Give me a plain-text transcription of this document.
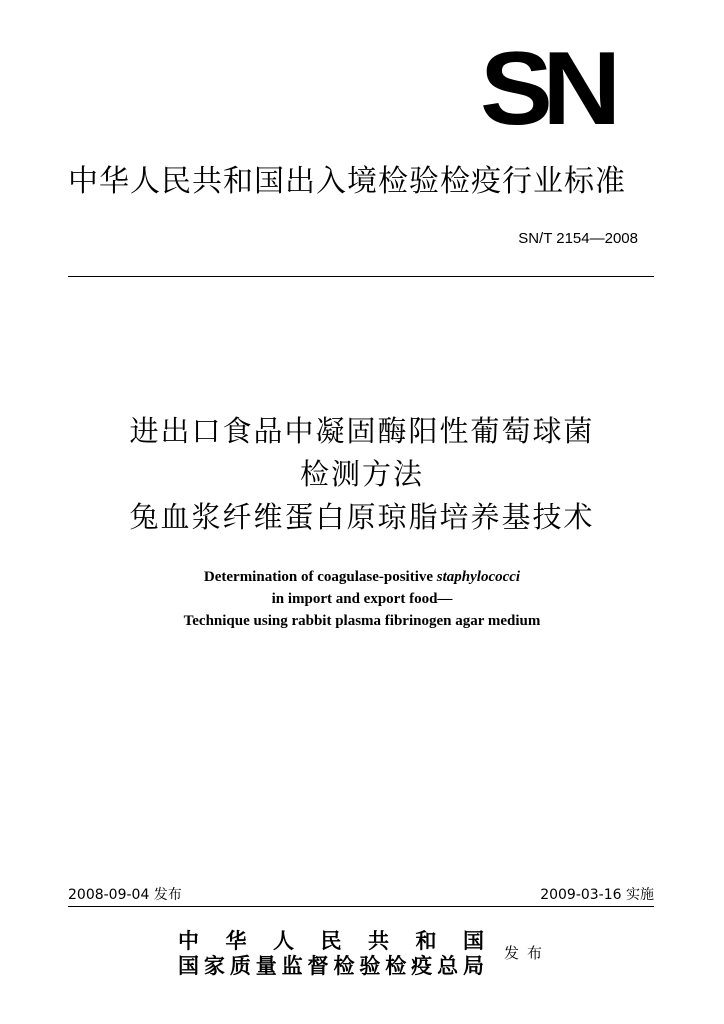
SN
中华人民共和国出入境检验检疫行业标准
SN/T 2154—2008
进出口食品中凝固酶阳性葡萄球菌
检测方法
兔血浆纤维蛋白原琼脂培养基技术
Determination of coagulase-positive staphylococci
in import and export food—
Technique using rabbit plasma fibrinogen agar medium
2008-09-04 发布	2009-03-16 实施
中 华 人 民 共 和 国
国家质量监督检验检疫总局 发布
